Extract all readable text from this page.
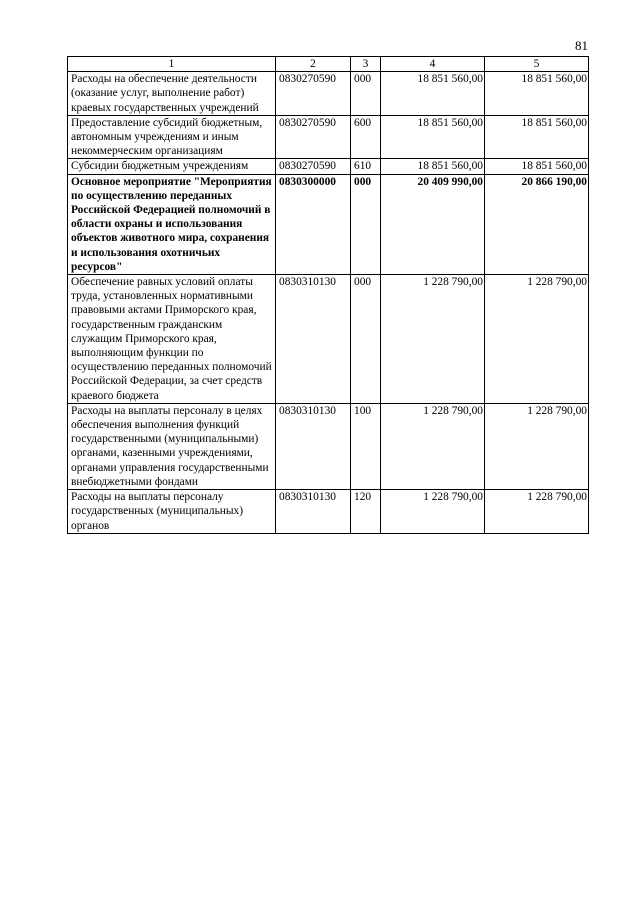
81
1	2	3	4	5
Расходы на обеспечение деятельности (оказание услуг, выполнение работ) краевых государственных учреждений	0830270590	000	18 851 560,00	18 851 560,00
Предоставление субсидий бюджетным, автономным учреждениям и иным некоммерческим организациям	0830270590	600	18 851 560,00	18 851 560,00
Субсидии бюджетным учреждениям	0830270590	610	18 851 560,00	18 851 560,00
Основное мероприятие "Мероприятия по осуществлению переданных Российской Федерацией полномочий в области охраны и использования объектов животного мира, сохранения и использования охотничьих ресурсов"	0830300000	000	20 409 990,00	20 866 190,00
Обеспечение равных условий оплаты труда, установленных нормативными правовыми актами Приморского края, государственным гражданским служащим Приморского края, выполняющим функции по осуществлению переданных полномочий Российской Федерации, за счет средств краевого бюджета	0830310130	000	1 228 790,00	1 228 790,00
Расходы на выплаты персоналу в целях обеспечения выполнения функций государственными (муниципальными) органами, казенными учреждениями, органами управления государственными внебюджетными фондами	0830310130	100	1 228 790,00	1 228 790,00
Расходы на выплаты персоналу государственных (муниципальных) органов	0830310130	120	1 228 790,00	1 228 790,00
